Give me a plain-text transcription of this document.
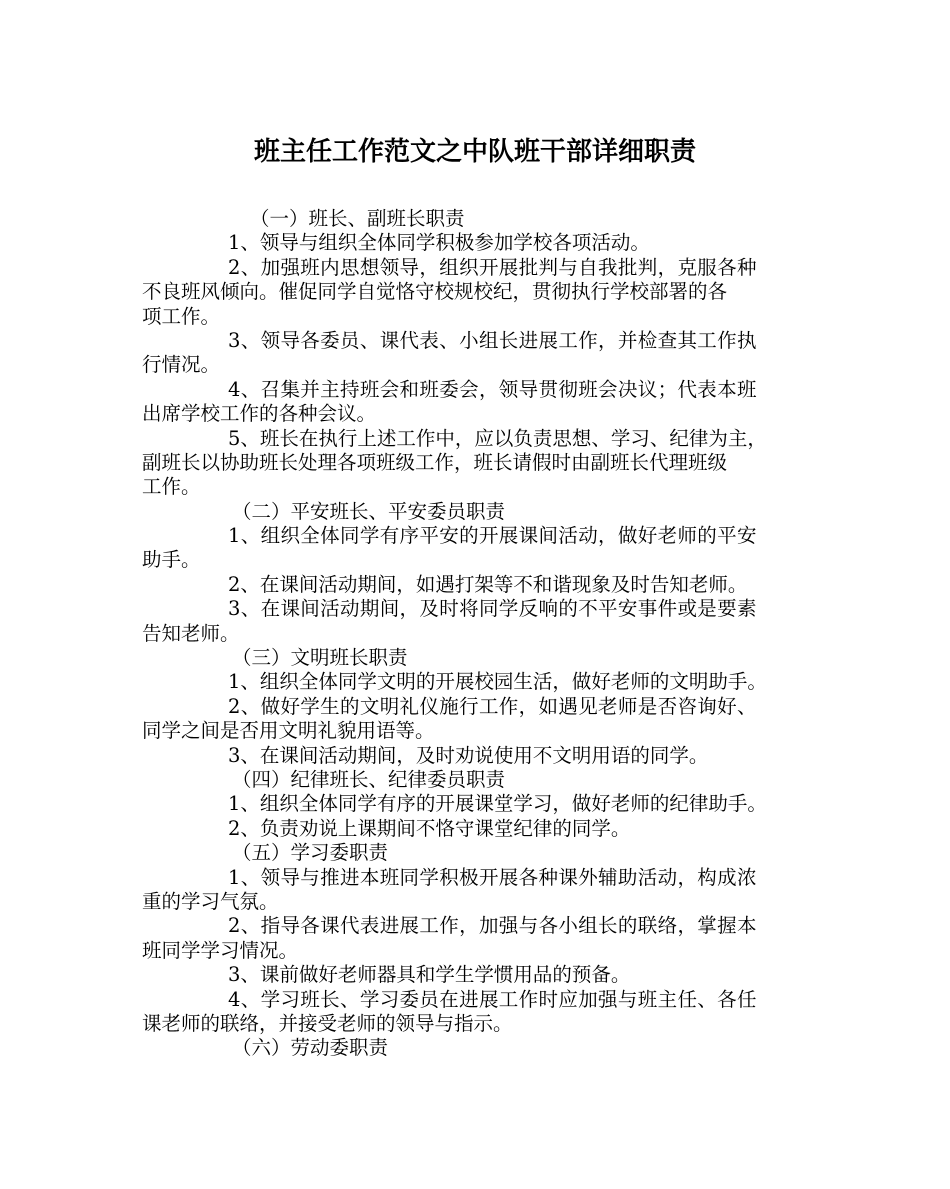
班主任工作范文之中队班干部详细职责
（一）班长、副班长职责
1、领导与组织全体同学积极参加学校各项活动。
2、加强班内思想领导，组织开展批判与自我批判，克服各种
不良班风倾向。催促同学自觉恪守校规校纪，贯彻执行学校部署的各
项工作。
3、领导各委员、课代表、小组长进展工作，并检查其工作执
行情况。
4、召集并主持班会和班委会，领导贯彻班会决议；代表本班
出席学校工作的各种会议。
5、班长在执行上述工作中，应以负责思想、学习、纪律为主，
副班长以协助班长处理各项班级工作，班长请假时由副班长代理班级
工作。
（二）平安班长、平安委员职责
1、组织全体同学有序平安的开展课间活动，做好老师的平安
助手。
2、在课间活动期间，如遇打架等不和谐现象及时告知老师。
3、在课间活动期间，及时将同学反响的不平安事件或是要素
告知老师。
（三）文明班长职责
1、组织全体同学文明的开展校园生活，做好老师的文明助手。
2、做好学生的文明礼仪施行工作，如遇见老师是否咨询好、
同学之间是否用文明礼貌用语等。
3、在课间活动期间，及时劝说使用不文明用语的同学。
（四）纪律班长、纪律委员职责
1、组织全体同学有序的开展课堂学习，做好老师的纪律助手。
2、负责劝说上课期间不恪守课堂纪律的同学。
（五）学习委职责
1、领导与推进本班同学积极开展各种课外辅助活动，构成浓
重的学习气氛。
2、指导各课代表进展工作，加强与各小组长的联络，掌握本
班同学学习情况。
3、课前做好老师器具和学生学惯用品的预备。
4、学习班长、学习委员在进展工作时应加强与班主任、各任
课老师的联络，并接受老师的领导与指示。
（六）劳动委职责
